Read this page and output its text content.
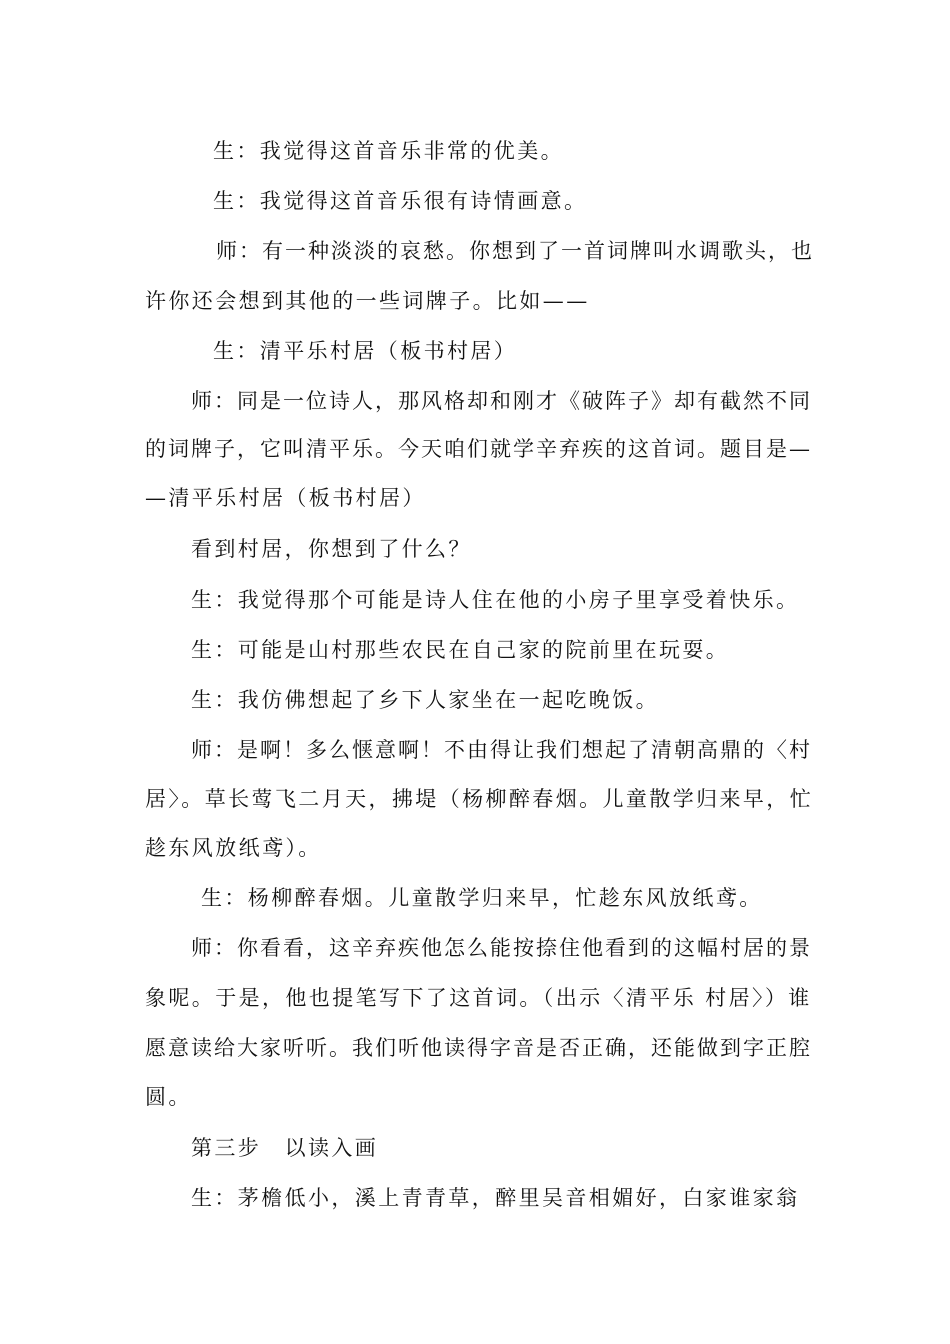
生：我觉得这首音乐非常的优美。
生：我觉得这首音乐很有诗情画意。
师：有一种淡淡的哀愁。你想到了一首词牌叫水调歌头，也
许你还会想到其他的一些词牌子。比如——
生：清平乐村居（板书村居）
师：同是一位诗人，那风格却和刚才《破阵子》却有截然不同
的词牌子，它叫清平乐。今天咱们就学辛弃疾的这首词。题目是—
—清平乐村居（板书村居）
看到村居，你想到了什么？
生：我觉得那个可能是诗人住在他的小房子里享受着快乐。
生：可能是山村那些农民在自己家的院前里在玩耍。
生：我仿佛想起了乡下人家坐在一起吃晚饭。
师：是啊！多么惬意啊！不由得让我们想起了清朝高鼎的〈村
居〉。草长莺飞二月天，拂堤（杨柳醉春烟。儿童散学归来早，忙
趁东风放纸鸢）。
生：杨柳醉春烟。儿童散学归来早，忙趁东风放纸鸢。
师：你看看，这辛弃疾他怎么能按捺住他看到的这幅村居的景
象呢。于是，他也提笔写下了这首词。（出示〈清平乐 村居〉）谁
愿意读给大家听听。我们听他读得字音是否正确，还能做到字正腔
圆。
第三步　以读入画
生：茅檐低小，溪上青青草，醉里吴音相媚好，白家谁家翁
